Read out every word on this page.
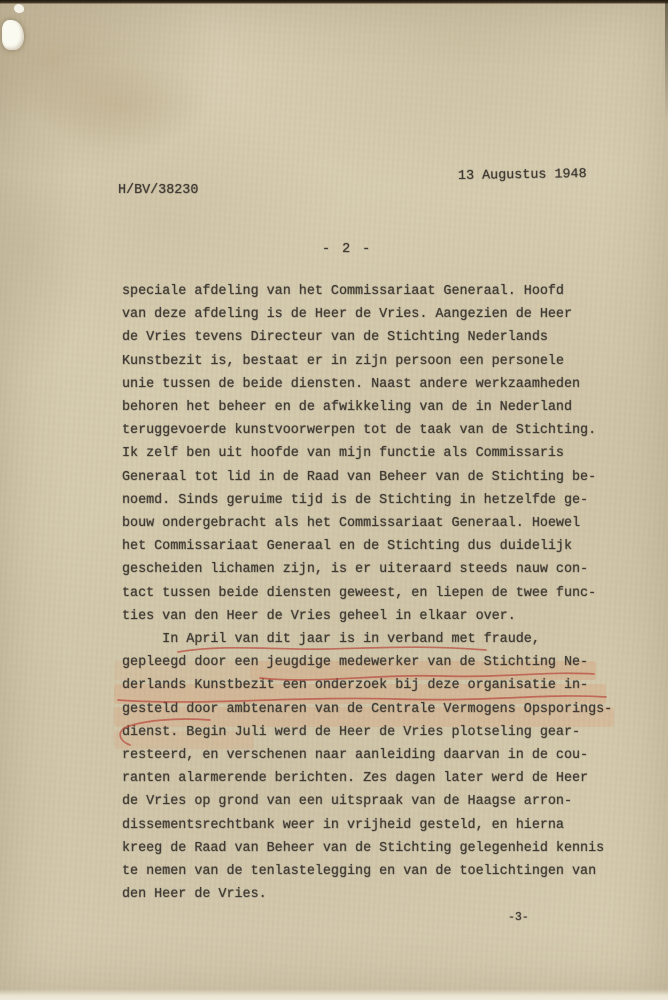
H/BV/38230
13 Augustus 1948
- 2 -
speciale afdeling van het Commissariaat Generaal. Hoofd
van deze afdeling is de Heer de Vries. Aangezien de Heer
de Vries tevens Directeur van de Stichting Nederlands
Kunstbezit is, bestaat er in zijn persoon een personele
unie tussen de beide diensten. Naast andere werkzaamheden
behoren het beheer en de afwikkeling van de in Nederland
teruggevoerde kunstvoorwerpen tot de taak van de Stichting.
Ik zelf ben uit hoofde van mijn functie als Commissaris
Generaal tot lid in de Raad van Beheer van de Stichting be-
noemd. Sinds geruime tijd is de Stichting in hetzelfde ge-
bouw ondergebracht als het Commissariaat Generaal. Hoewel
het Commissariaat Generaal en de Stichting dus duidelijk
gescheiden lichamen zijn, is er uiteraard steeds nauw con-
tact tussen beide diensten geweest, en liepen de twee func-
ties van den Heer de Vries geheel in elkaar over.
In April van dit jaar is in verband met fraude,
gepleegd door een jeugdige medewerker van de Stichting Ne-
derlands Kunstbezit een onderzoek bij deze organisatie in-
gesteld door ambtenaren van de Centrale Vermogens Opsporings-
dienst. Begin Juli werd de Heer de Vries plotseling gear-
resteerd, en verschenen naar aanleiding daarvan in de cou-
ranten alarmerende berichten. Zes dagen later werd de Heer
de Vries op grond van een uitspraak van de Haagse arron-
dissementsrechtbank weer in vrijheid gesteld, en hierna
kreeg de Raad van Beheer van de Stichting gelegenheid kennis
te nemen van de tenlastelegging en van de toelichtingen van
den Heer de Vries.
-3-
